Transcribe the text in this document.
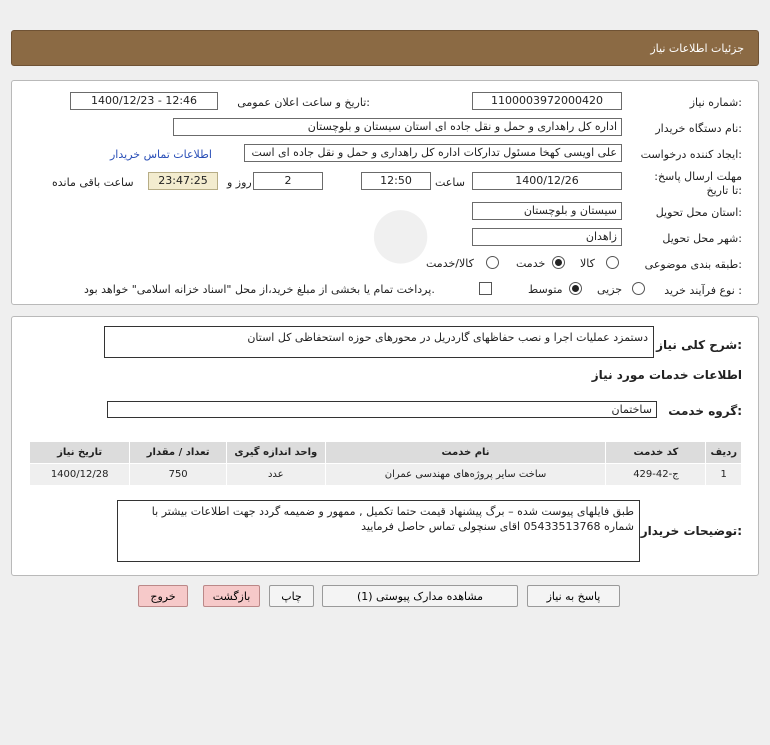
جزئیات اطلاعات نیاز
شماره نیاز:
1100003972000420
تاریخ و ساعت اعلان عمومی:
1400/12/23 - 12:46
نام دستگاه خریدار:
اداره کل راهداری و حمل و نقل جاده ای استان سیستان و بلوچستان
ایجاد کننده درخواست:
علی اویسی کهخا مسئول تدارکات اداره کل راهداری و حمل و نقل جاده ای است
اطلاعات تماس خریدار
مهلت ارسال پاسخ: تا تاریخ:
1400/12/26
ساعت
12:50
2
روز و
23:47:25
ساعت باقی مانده
استان محل تحویل:
سیستان و بلوچستان
شهر محل تحویل:
زاهدان
طبقه بندی موضوعی:
کالا
خدمت
کالا/خدمت
نوع فرآیند خرید :
جزیی
متوسط
پرداخت تمام یا بخشی از مبلغ خرید،از محل "اسناد خزانه اسلامی" خواهد بود.
شرح کلی نیاز:
دستمزد عملیات اجرا و نصب حفاظهای گاردریل در محورهای حوزه استحفاظی کل استان
اطلاعات خدمات مورد نیاز
گروه خدمت:
ساختمان
ردیف	کد خدمت	نام خدمت	واحد اندازه گیری	تعداد / مقدار	تاریخ نیاز
1	ج-42-429	ساخت سایر پروژه‌های مهندسی عمران	عدد	750	1400/12/28
توضیحات خریدار:
طبق فایلهای پیوست شده – برگ پیشنهاد قیمت حتما تکمیل , ممهور و ضمیمه گردد جهت اطلاعات بیشتر با شماره 05433513768 اقای سنچولی تماس حاصل فرمایید
پاسخ به نیاز
مشاهده مدارک پیوستی (1)
چاپ
بازگشت
خروج
